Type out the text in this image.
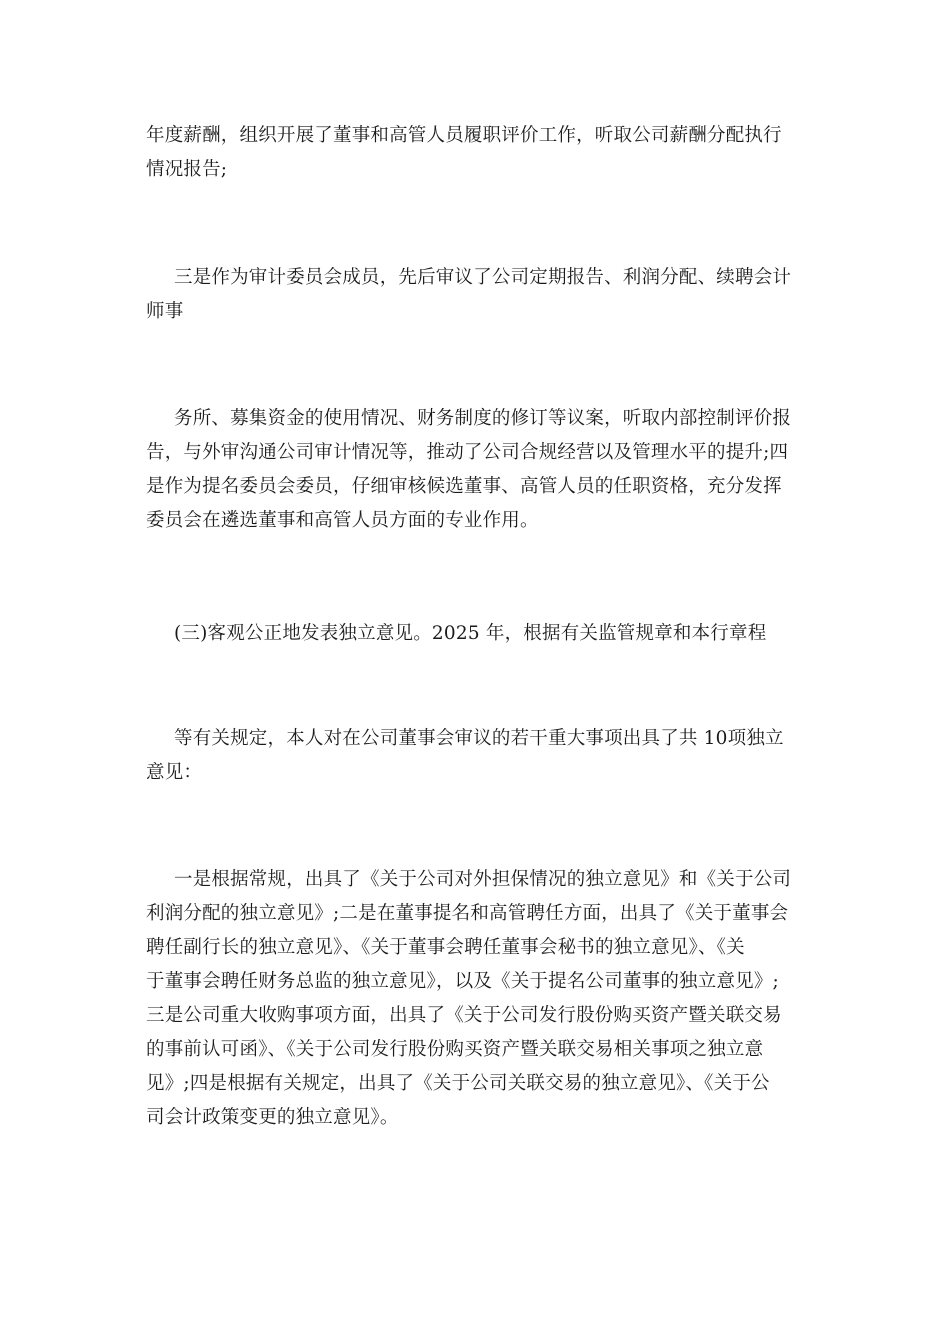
年度薪酬，组织开展了董事和高管人员履职评价工作，听取公司薪酬分配执行
情况报告;

三是作为审计委员会成员，先后审议了公司定期报告、利润分配、续聘会计
师事

务所、募集资金的使用情况、财务制度的修订等议案，听取内部控制评价报
告，与外审沟通公司审计情况等，推动了公司合规经营以及管理水平的提升;四
是作为提名委员会委员，仔细审核候选董事、高管人员的任职资格，充分发挥
委员会在遴选董事和高管人员方面的专业作用。

(三)客观公正地发表独立意见。2025 年，根据有关监管规章和本行章程

等有关规定，本人对在公司董事会审议的若干重大事项出具了共 10项独立
意见：

一是根据常规，出具了《关于公司对外担保情况的独立意见》和《关于公司
利润分配的独立意见》;二是在董事提名和高管聘任方面，出具了《关于董事会
聘任副行长的独立意见》、《关于董事会聘任董事会秘书的独立意见》、《关
于董事会聘任财务总监的独立意见》，以及《关于提名公司董事的独立意见》;
三是公司重大收购事项方面，出具了《关于公司发行股份购买资产暨关联交易
的事前认可函》、《关于公司发行股份购买资产暨关联交易相关事项之独立意
见》;四是根据有关规定，出具了《关于公司关联交易的独立意见》、《关于公
司会计政策变更的独立意见》。
